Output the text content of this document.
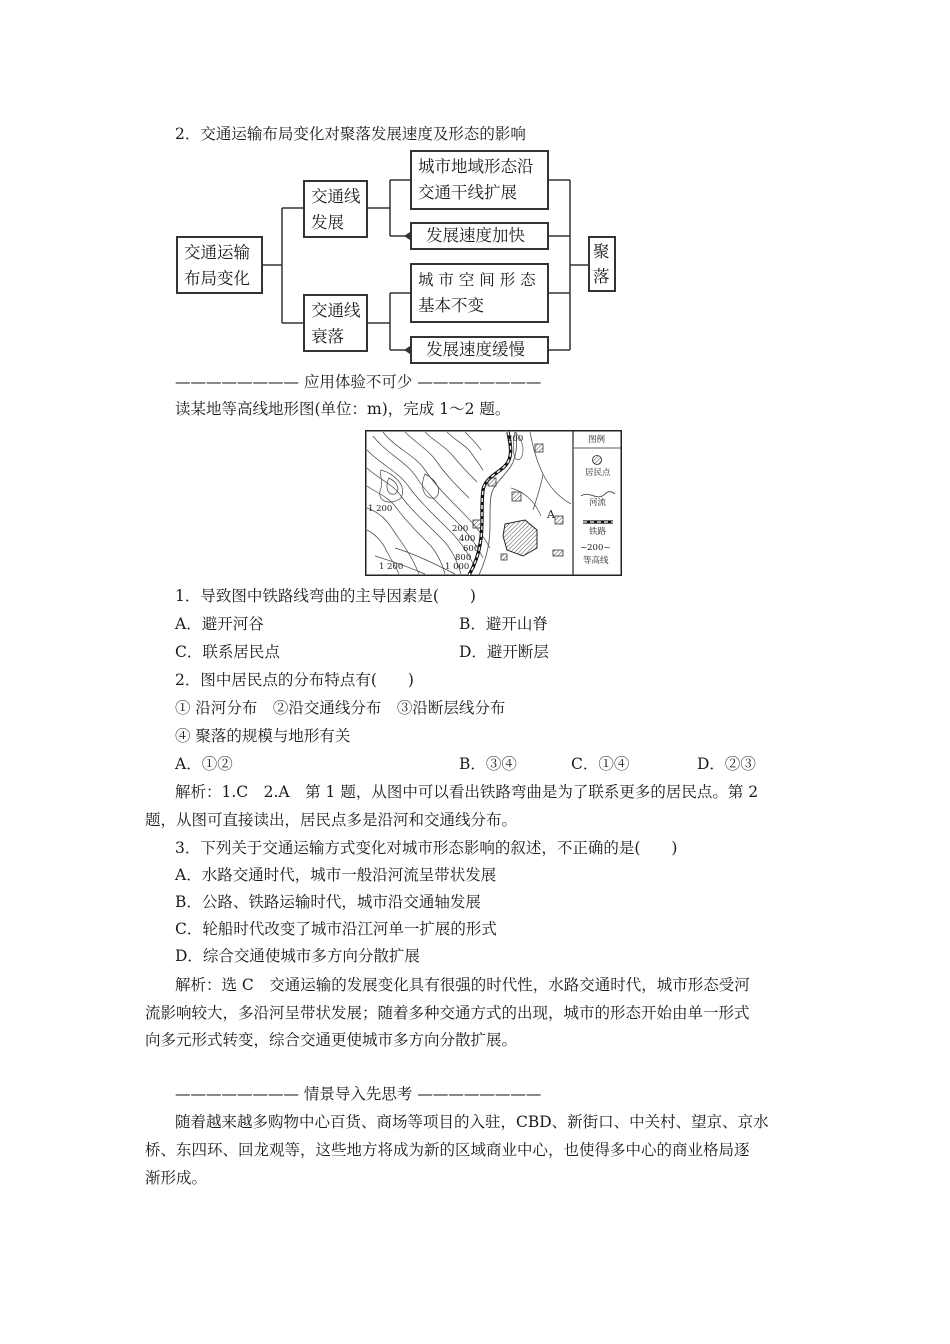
2．交通运输布局变化对聚落发展速度及形态的影响
交通运输
布局变化
交通线
发展
交通线
衰落
城市地域形态沿
交通干线扩展
发展速度加快
城 市 空 间 形 态
基本不变
发展速度缓慢
聚
落
———————— 应用体验不可少 ————————
读某地等高线地形图(单位：m)，完成 1～2 题。
200
1 200
1 200
200
400
600
800
1 000
A
图例
居民点
河流
铁路
~200~
等高线
1．导致图中铁路线弯曲的主导因素是(　　)
A．避开河谷	B．避开山脊
C．联系居民点	D．避开断层
2．图中居民点的分布特点有(　　)
① 沿河分布　②沿交通线分布　③沿断层线分布
④ 聚落的规模与地形有关
A．①②	B．③④	C．①④	D．②③
解析：1.C　2.A　第 1 题，从图中可以看出铁路弯曲是为了联系更多的居民点。第 2
题，从图可直接读出，居民点多是沿河和交通线分布。
3．下列关于交通运输方式变化对城市形态影响的叙述，不正确的是(　　)
A．水路交通时代，城市一般沿河流呈带状发展
B．公路、铁路运输时代，城市沿交通轴发展
C．轮船时代改变了城市沿江河单一扩展的形式
D．综合交通使城市多方向分散扩展
解析：选 C　交通运输的发展变化具有很强的时代性，水路交通时代，城市形态受河
流影响较大，多沿河呈带状发展；随着多种交通方式的出现，城市的形态开始由单一形式
向多元形式转变，综合交通更使城市多方向分散扩展。
———————— 情景导入先思考 ————————
随着越来越多购物中心百货、商场等项目的入驻，CBD、新街口、中关村、望京、京水
桥、东四环、回龙观等，这些地方将成为新的区域商业中心，也使得多中心的商业格局逐
渐形成。
